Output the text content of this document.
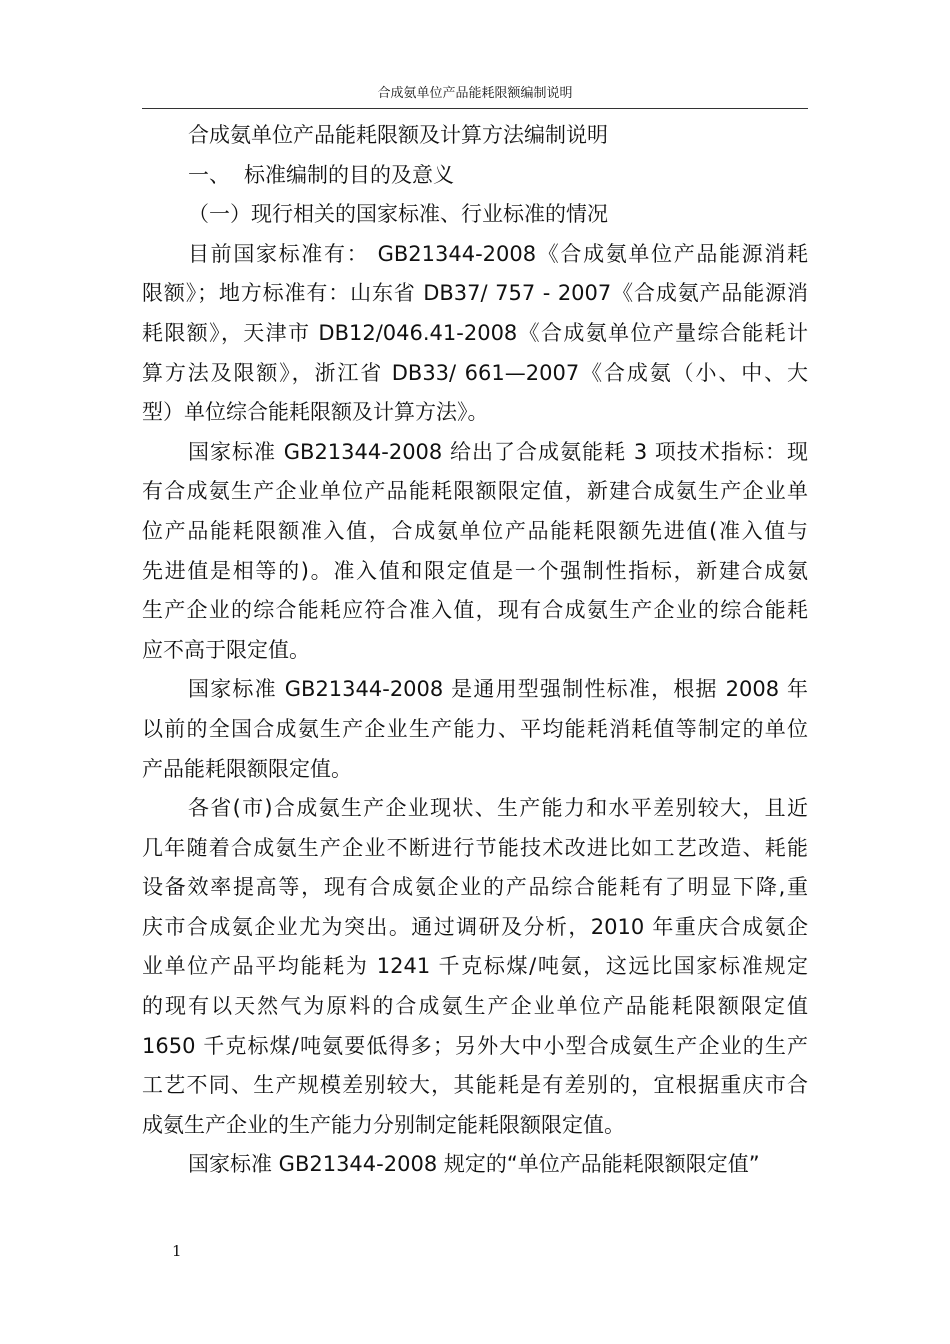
合成氨单位产品能耗限额编制说明
合成氨单位产品能耗限额及计算方法编制说明
一、 标准编制的目的及意义
（一）现行相关的国家标准、行业标准的情况
目前国家标准有： GB21344-2008《合成氨单位产品能源消耗
限额》；地方标准有：山东省 DB37/ 757 - 2007《合成氨产品能源消
耗限额》，天津市 DB12/046.41-2008《合成氨单位产量综合能耗计
算方法及限额》，浙江省 DB33/ 661—2007《合成氨（小、中、大
型）单位综合能耗限额及计算方法》。
国家标准 GB21344-2008 给出了合成氨能耗 3 项技术指标：现
有合成氨生产企业单位产品能耗限额限定值，新建合成氨生产企业单
位产品能耗限额准入值，合成氨单位产品能耗限额先进值(准入值与
先进值是相等的)。准入值和限定值是一个强制性指标，新建合成氨
生产企业的综合能耗应符合准入值，现有合成氨生产企业的综合能耗
应不高于限定值。
国家标准 GB21344-2008 是通用型强制性标准，根据 2008 年
以前的全国合成氨生产企业生产能力、平均能耗消耗值等制定的单位
产品能耗限额限定值。
各省(市)合成氨生产企业现状、生产能力和水平差别较大，且近
几年随着合成氨生产企业不断进行节能技术改进比如工艺改造、耗能
设备效率提高等，现有合成氨企业的产品综合能耗有了明显下降,重
庆市合成氨企业尤为突出。通过调研及分析，2010 年重庆合成氨企
业单位产品平均能耗为 1241 千克标煤/吨氨，这远比国家标准规定
的现有以天然气为原料的合成氨生产企业单位产品能耗限额限定值
1650 千克标煤/吨氨要低得多；另外大中小型合成氨生产企业的生产
工艺不同、生产规模差别较大，其能耗是有差别的，宜根据重庆市合
成氨生产企业的生产能力分别制定能耗限额限定值。
国家标准 GB21344-2008 规定的“单位产品能耗限额限定值”
1
